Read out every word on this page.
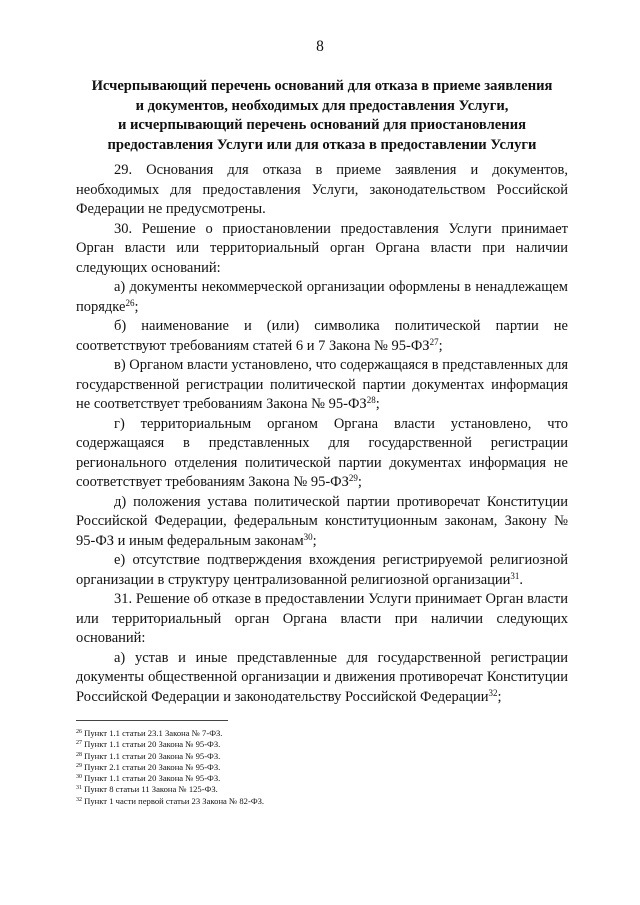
8
Исчерпывающий перечень оснований для отказа в приеме заявления
и документов, необходимых для предоставления Услуги,
и исчерпывающий перечень оснований для приостановления
предоставления Услуги или для отказа в предоставлении Услуги

29. Основания для отказа в приеме заявления и документов, необходимых для предоставления Услуги, законодательством Российской Федерации не предусмотрены.

30. Решение о приостановлении предоставления Услуги принимает Орган власти или территориальный орган Органа власти при наличии следующих оснований:

а) документы некоммерческой организации оформлены в ненадлежащем порядке$^{26}$;

б) наименование и (или) символика политической партии не соответствуют требованиям статей 6 и 7 Закона № 95-ФЗ$^{27}$;

в) Органом власти установлено, что содержащаяся в представленных для государственной регистрации политической партии документах информация не соответствует требованиям Закона № 95-ФЗ$^{28}$;

г) территориальным органом Органа власти установлено, что содержащаяся в представленных для государственной регистрации регионального отделения политической партии документах информация не соответствует требованиям Закона № 95-ФЗ$^{29}$;

д) положения устава политической партии противоречат Конституции Российской Федерации, федеральным конституционным законам, Закону № 95-ФЗ и иным федеральным законам$^{30}$;

е) отсутствие подтверждения вхождения регистрируемой религиозной организации в структуру централизованной религиозной организации$^{31}$.

31. Решение об отказе в предоставлении Услуги принимает Орган власти или территориальный орган Органа власти при наличии следующих оснований:

а) устав и иные представленные для государственной регистрации документы общественной организации и движения противоречат Конституции Российской Федерации и законодательству Российской Федерации$^{32}$;

$^{26}$ Пункт 1.1 статьи 23.1 Закона № 7-ФЗ.
$^{27}$ Пункт 1.1 статьи 20 Закона № 95-ФЗ.
$^{28}$ Пункт 1.1 статьи 20 Закона № 95-ФЗ.
$^{29}$ Пункт 2.1 статьи 20 Закона № 95-ФЗ.
$^{30}$ Пункт 1.1 статьи 20 Закона № 95-ФЗ.
$^{31}$ Пункт 8 статьи 11 Закона № 125-ФЗ.
$^{32}$ Пункт 1 части первой статьи 23 Закона № 82-ФЗ.
